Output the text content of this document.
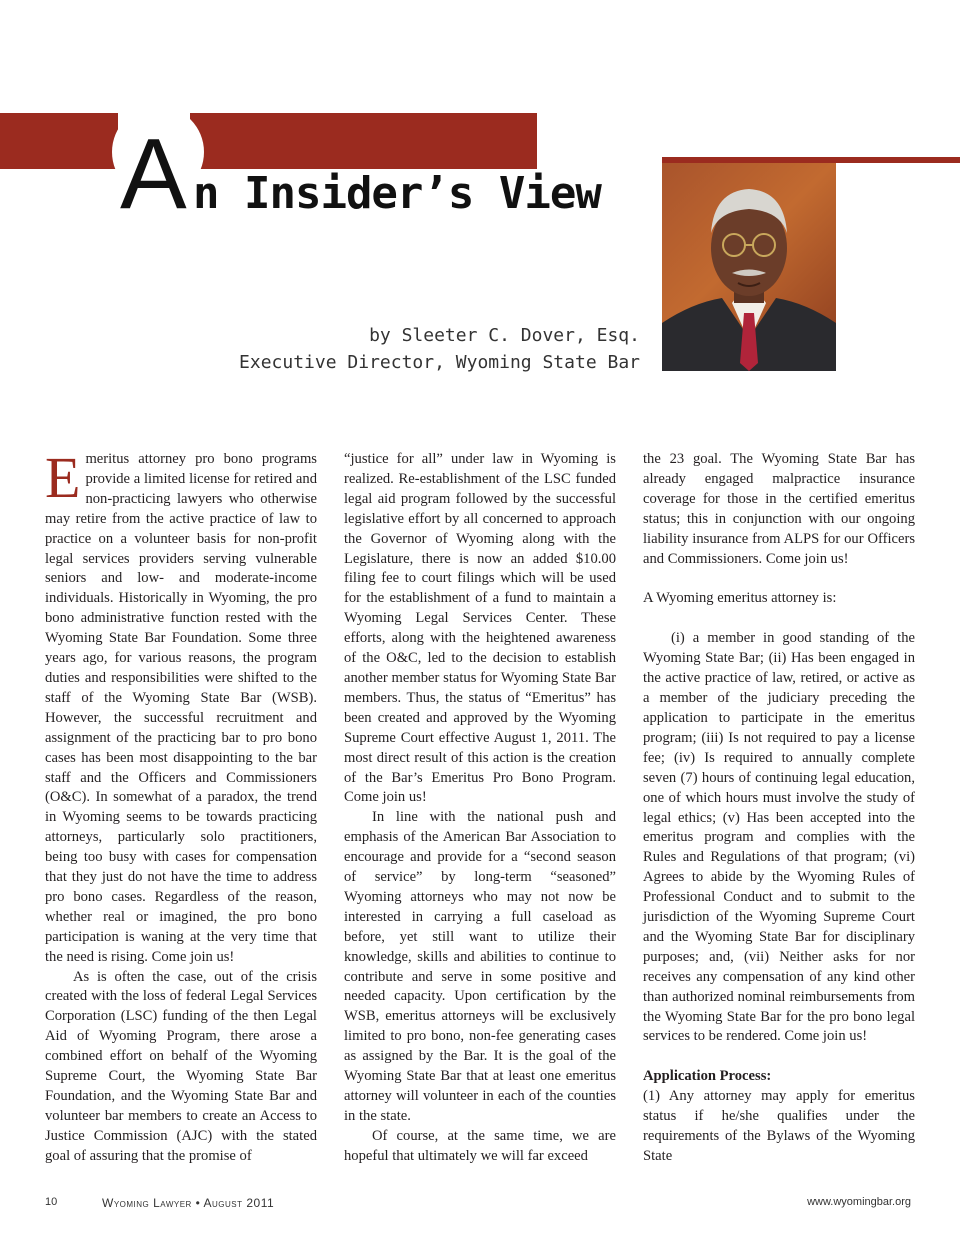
A n Insider’s View
by Sleeter C. Dover, Esq.
Executive Director, Wyoming State Bar

Emeritus attorney pro bono programs provide a limited license for retired and non-practicing lawyers who otherwise may retire from the active practice of law to practice on a volunteer basis for non-profit legal services providers serving vulnerable seniors and low- and moderate-income individuals. Historically in Wyoming, the pro bono administrative function rested with the Wyoming State Bar Foundation. Some three years ago, for various reasons, the program duties and responsibilities were shifted to the staff of the Wyoming State Bar (WSB). However, the successful recruitment and assignment of the practicing bar to pro bono cases has been most disappointing to the bar staff and the Officers and Commissioners (O&C). In somewhat of a paradox, the trend in Wyoming seems to be towards practicing attorneys, particularly solo practitioners, being too busy with cases for compensation that they just do not have the time to address pro bono cases. Regardless of the reason, whether real or imagined, the pro bono participation is waning at the very time that the need is rising. Come join us!

As is often the case, out of the crisis created with the loss of federal Legal Services Corporation (LSC) funding of the then Legal Aid of Wyoming Program, there arose a combined effort on behalf of the Wyoming Supreme Court, the Wyoming State Bar Foundation, and the Wyoming State Bar and volunteer bar members to create an Access to Justice Commission (AJC) with the stated goal of assuring that the promise of

“justice for all” under law in Wyoming is realized. Re-establishment of the LSC funded legal aid program followed by the successful legislative effort by all concerned to approach the Governor of Wyoming along with the Legislature, there is now an added $10.00 filing fee to court filings which will be used for the establishment of a fund to maintain a Wyoming Legal Services Center. These efforts, along with the heightened awareness of the O&C, led to the decision to establish another member status for Wyoming State Bar members. Thus, the status of “Emeritus” has been created and approved by the Wyoming Supreme Court effective August 1, 2011. The most direct result of this action is the creation of the Bar’s Emeritus Pro Bono Program. Come join us!

In line with the national push and emphasis of the American Bar Association to encourage and provide for a “second season of service” by long-term “seasoned” Wyoming attorneys who may not now be interested in carrying a full caseload as before, yet still want to utilize their knowledge, skills and abilities to continue to contribute and serve in some positive and needed capacity. Upon certification by the WSB, emeritus attorneys will be exclusively limited to pro bono, non-fee generating cases as assigned by the Bar. It is the goal of the Wyoming State Bar that at least one emeritus attorney will volunteer in each of the counties in the state.

Of course, at the same time, we are hopeful that ultimately we will far exceed

the 23 goal. The Wyoming State Bar has already engaged malpractice insurance coverage for those in the certified emeritus status; this in conjunction with our ongoing liability insurance from ALPS for our Officers and Commissioners. Come join us!

A Wyoming emeritus attorney is:

(i) a member in good standing of the Wyoming State Bar; (ii) Has been engaged in the active practice of law, retired, or active as a member of the judiciary preceding the application to participate in the emeritus program; (iii) Is not required to pay a license fee; (iv) Is required to annually complete seven (7) hours of continuing legal education, one of which hours must involve the study of legal ethics; (v) Has been accepted into the emeritus program and complies with the Rules and Regulations of that program; (vi) Agrees to abide by the Wyoming Rules of Professional Conduct and to submit to the jurisdiction of the Wyoming Supreme Court and the Wyoming State Bar for disciplinary purposes; and, (vii) Neither asks for nor receives any compensation of any kind other than authorized nominal reimbursements from the Wyoming State Bar for the pro bono legal services to be rendered. Come join us!

Application Process:

(1) Any attorney may apply for emeritus status if he/she qualifies under the requirements of the Bylaws of the Wyoming State

10	Wyoming Lawyer • August 2011	www.wyomingbar.org
